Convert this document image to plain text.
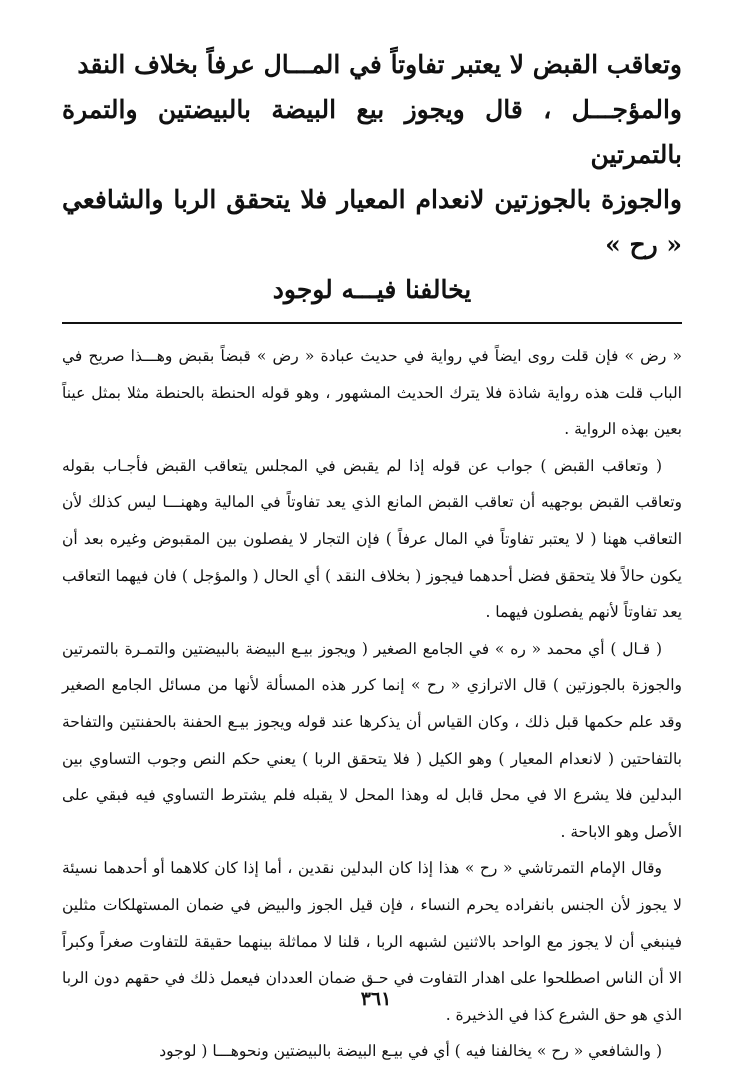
وتعاقب القبض لا يعتبر تفاوتاً في المـــال عرفاً بخلاف النقد
والمؤجـــل ، قال ويجوز بيع البيضة بالبيضتين والتمرة بالتمرتين
والجوزة بالجوزتين لانعدام المعيار فلا يتحقق الربا والشافعي « رح »
يخالفنا فيـــه لوجود

« رض » فإن قلت روى ايضاً في رواية في حديث عبادة « رض » قبضاً بقبض وهـــذا صريح في الباب قلت هذه رواية شاذة فلا يترك الحديث المشهور ، وهو قوله الحنطة بالحنطة مثلا بمثل عيناً بعين بهذه الرواية .

( وتعاقب القبض ) جواب عن قوله إذا لم يقبض في المجلس يتعاقب القبض فأجـاب بقوله وتعاقب القبض بوجهيه أن تعاقب القبض المانع الذي يعد تفاوتاً في المالية وههنـــا ليس كذلك لأن التعاقب ههنا ( لا يعتبر تفاوتاً في المال عرفاً ) فإن التجار لا يفصلون بين المقبوض وغيره بعد أن يكون حالاً فلا يتحقق فضل أحدهما فيجوز ( بخلاف النقد ) أي الحال ( والمؤجل ) فان فيهما التعاقب يعد تفاوتاً لأنهم يفصلون فيهما .

( قـال ) أي محمد « ره » في الجامع الصغير ( ويجوز بيـع البيضة بالبيضتين والتمـرة بالتمرتين والجوزة بالجوزتين ) قال الاترازي « رح » إنما كرر هذه المسألة لأنها من مسائل الجامع الصغير وقد علم حكمها قبل ذلك ، وكان القياس أن يذكرها عند قوله ويجوز بيـع الحفنة بالحفنتين والتفاحة بالتفاحتين ( لانعدام المعيار ) وهو الكيل ( فلا يتحقق الربا ) يعني حكم النص وجوب التساوي بين البدلين فلا يشرع الا في محل قابل له وهذا المحل لا يقبله فلم يشترط التساوي فيه فبقي على الأصل وهو الاباحة .

وقال الإمام التمرتاشي « رح » هذا إذا كان البدلين نقدين ، أما إذا كان كلاهما أو أحدهما نسيئة لا يجوز لأن الجنس بانفراده يحرم النساء ، فإن قيل الجوز والبيض في ضمان المستهلكات مثلين فينبغي أن لا يجوز مع الواحد بالاثنين لشبهه الربا ، قلنا لا مماثلة بينهما حقيقة للتفاوت صغراً وكبراً الا أن الناس اصطلحوا على اهدار التفاوت في حـق ضمان العددان فيعمل ذلك في حقهم دون الربا الذي هو حق الشرع كذا في الذخيرة .

( والشافعي « رح » يخالفنا فيه ) أي في بيـع البيضة بالبيضتين ونحوهـــا ( لوجود

٣٦١
